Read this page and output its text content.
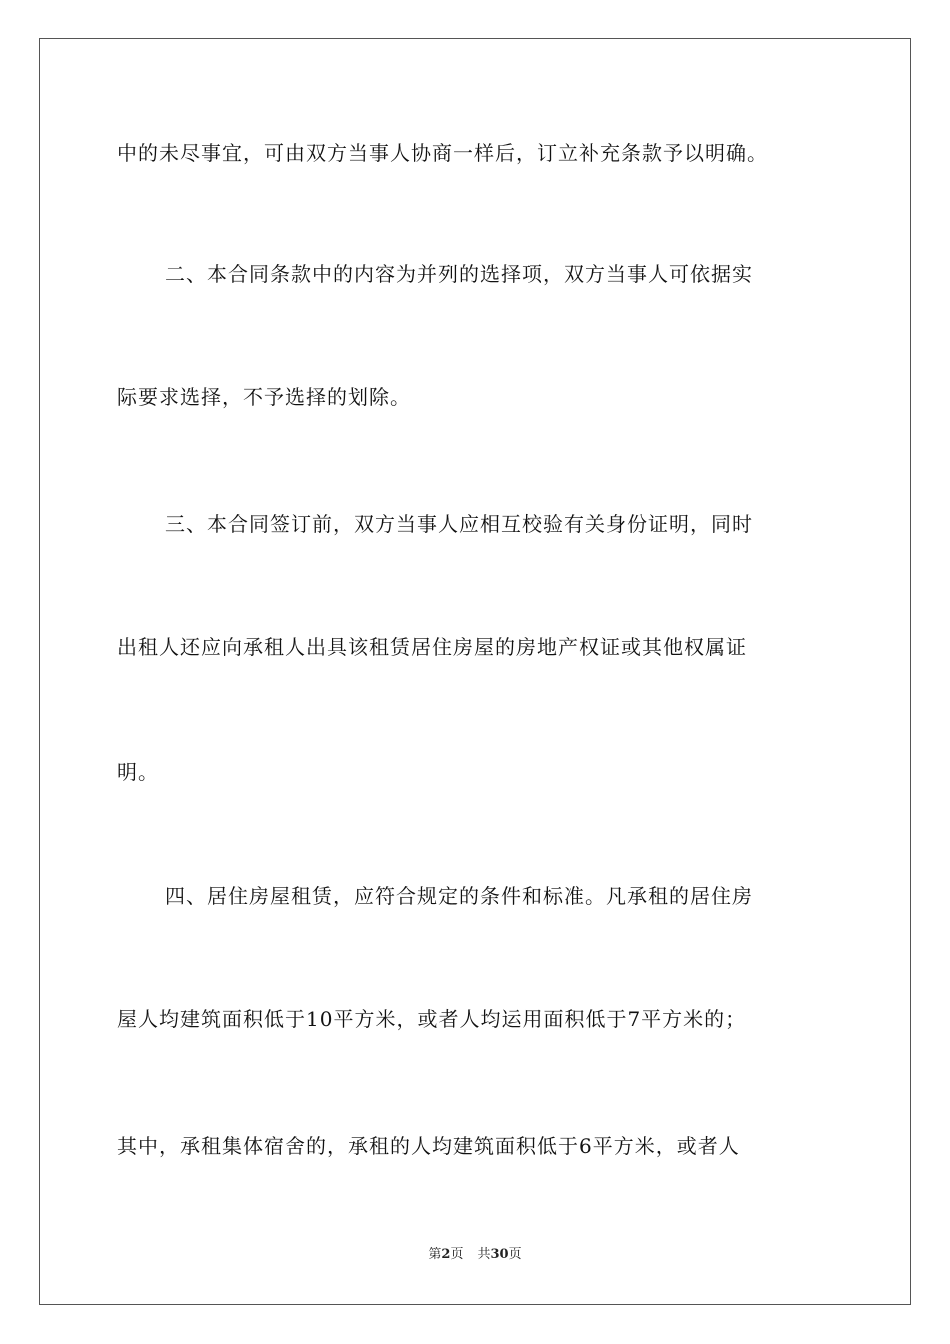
中的未尽事宜，可由双方当事人协商一样后，订立补充条款予以明确。
二、本合同条款中的内容为并列的选择项，双方当事人可依据实
际要求选择，不予选择的划除。
三、本合同签订前，双方当事人应相互校验有关身份证明，同时
出租人还应向承租人出具该租赁居住房屋的房地产权证或其他权属证
明。
四、居住房屋租赁，应符合规定的条件和标准。凡承租的居住房
屋人均建筑面积低于10平方米，或者人均运用面积低于7平方米的；
其中，承租集体宿舍的，承租的人均建筑面积低于6平方米，或者人
第2页 共30页
